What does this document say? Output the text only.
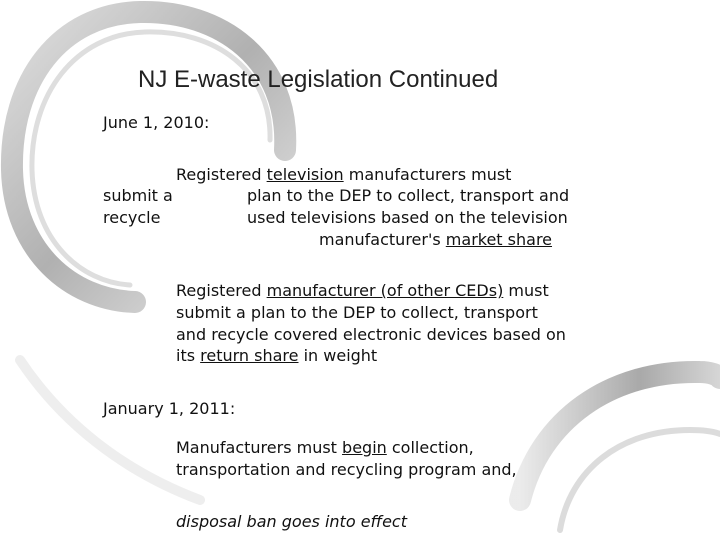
NJ E-waste Legislation Continued
June 1, 2010:
Registered television manufacturers must
submit a	plan to the DEP to collect, transport and
recycle	used televisions based on the television
manufacturer's market share
Registered manufacturer (of other CEDs) must
submit a plan to the DEP to collect, transport
and recycle covered electronic devices based on
its return share in weight
January 1, 2011:
Manufacturers must begin collection,
transportation and recycling program and,
disposal ban goes into effect
